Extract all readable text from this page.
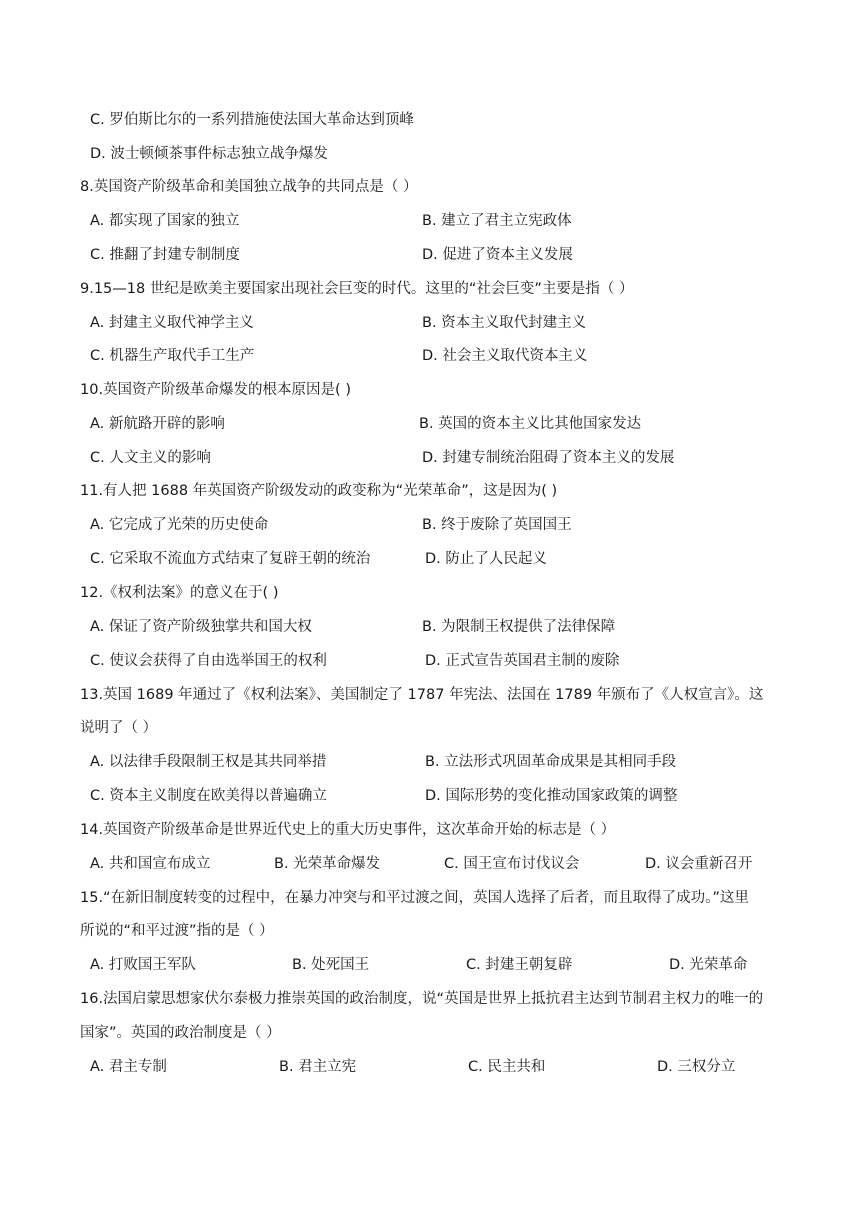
C. 罗伯斯比尔的一系列措施使法国大革命达到顶峰
D. 波士顿倾茶事件标志独立战争爆发
8.英国资产阶级革命和美国独立战争的共同点是（ ）
A. 都实现了国家的独立	B. 建立了君主立宪政体
C. 推翻了封建专制制度	D. 促进了资本主义发展
9.15—18 世纪是欧美主要国家出现社会巨变的时代。这里的“社会巨变”主要是指（ ）
A. 封建主义取代神学主义	B. 资本主义取代封建主义
C. 机器生产取代手工生产	D. 社会主义取代资本主义
10.英国资产阶级革命爆发的根本原因是( )
A. 新航路开辟的影响	B. 英国的资本主义比其他国家发达
C. 人文主义的影响	D. 封建专制统治阻碍了资本主义的发展
11.有人把 1688 年英国资产阶级发动的政变称为“光荣革命”，这是因为( )
A. 它完成了光荣的历史使命	B. 终于废除了英国国王
C. 它采取不流血方式结束了复辟王朝的统治	D. 防止了人民起义
12.《权利法案》的意义在于( )
A. 保证了资产阶级独掌共和国大权	B. 为限制王权提供了法律保障
C. 使议会获得了自由选举国王的权利	D. 正式宣告英国君主制的废除
13.英国 1689 年通过了《权利法案》、美国制定了 1787 年宪法、法国在 1789 年颁布了《人权宣言》。这
说明了（ ）
A. 以法律手段限制王权是其共同举措	B. 立法形式巩固革命成果是其相同手段
C. 资本主义制度在欧美得以普遍确立	D. 国际形势的变化推动国家政策的调整
14.英国资产阶级革命是世界近代史上的重大历史事件，这次革命开始的标志是（ ）
A. 共和国宣布成立	B. 光荣革命爆发	C. 国王宣布讨伐议会	D. 议会重新召开
15.“在新旧制度转变的过程中，在暴力冲突与和平过渡之间，英国人选择了后者，而且取得了成功。”这里
所说的“和平过渡”指的是（ ）
A. 打败国王军队	B. 处死国王	C. 封建王朝复辟	D. 光荣革命
16.法国启蒙思想家伏尔泰极力推崇英国的政治制度，说“英国是世界上抵抗君主达到节制君主权力的唯一的
国家”。英国的政治制度是（ ）
A. 君主专制	B. 君主立宪	C. 民主共和	D. 三权分立
